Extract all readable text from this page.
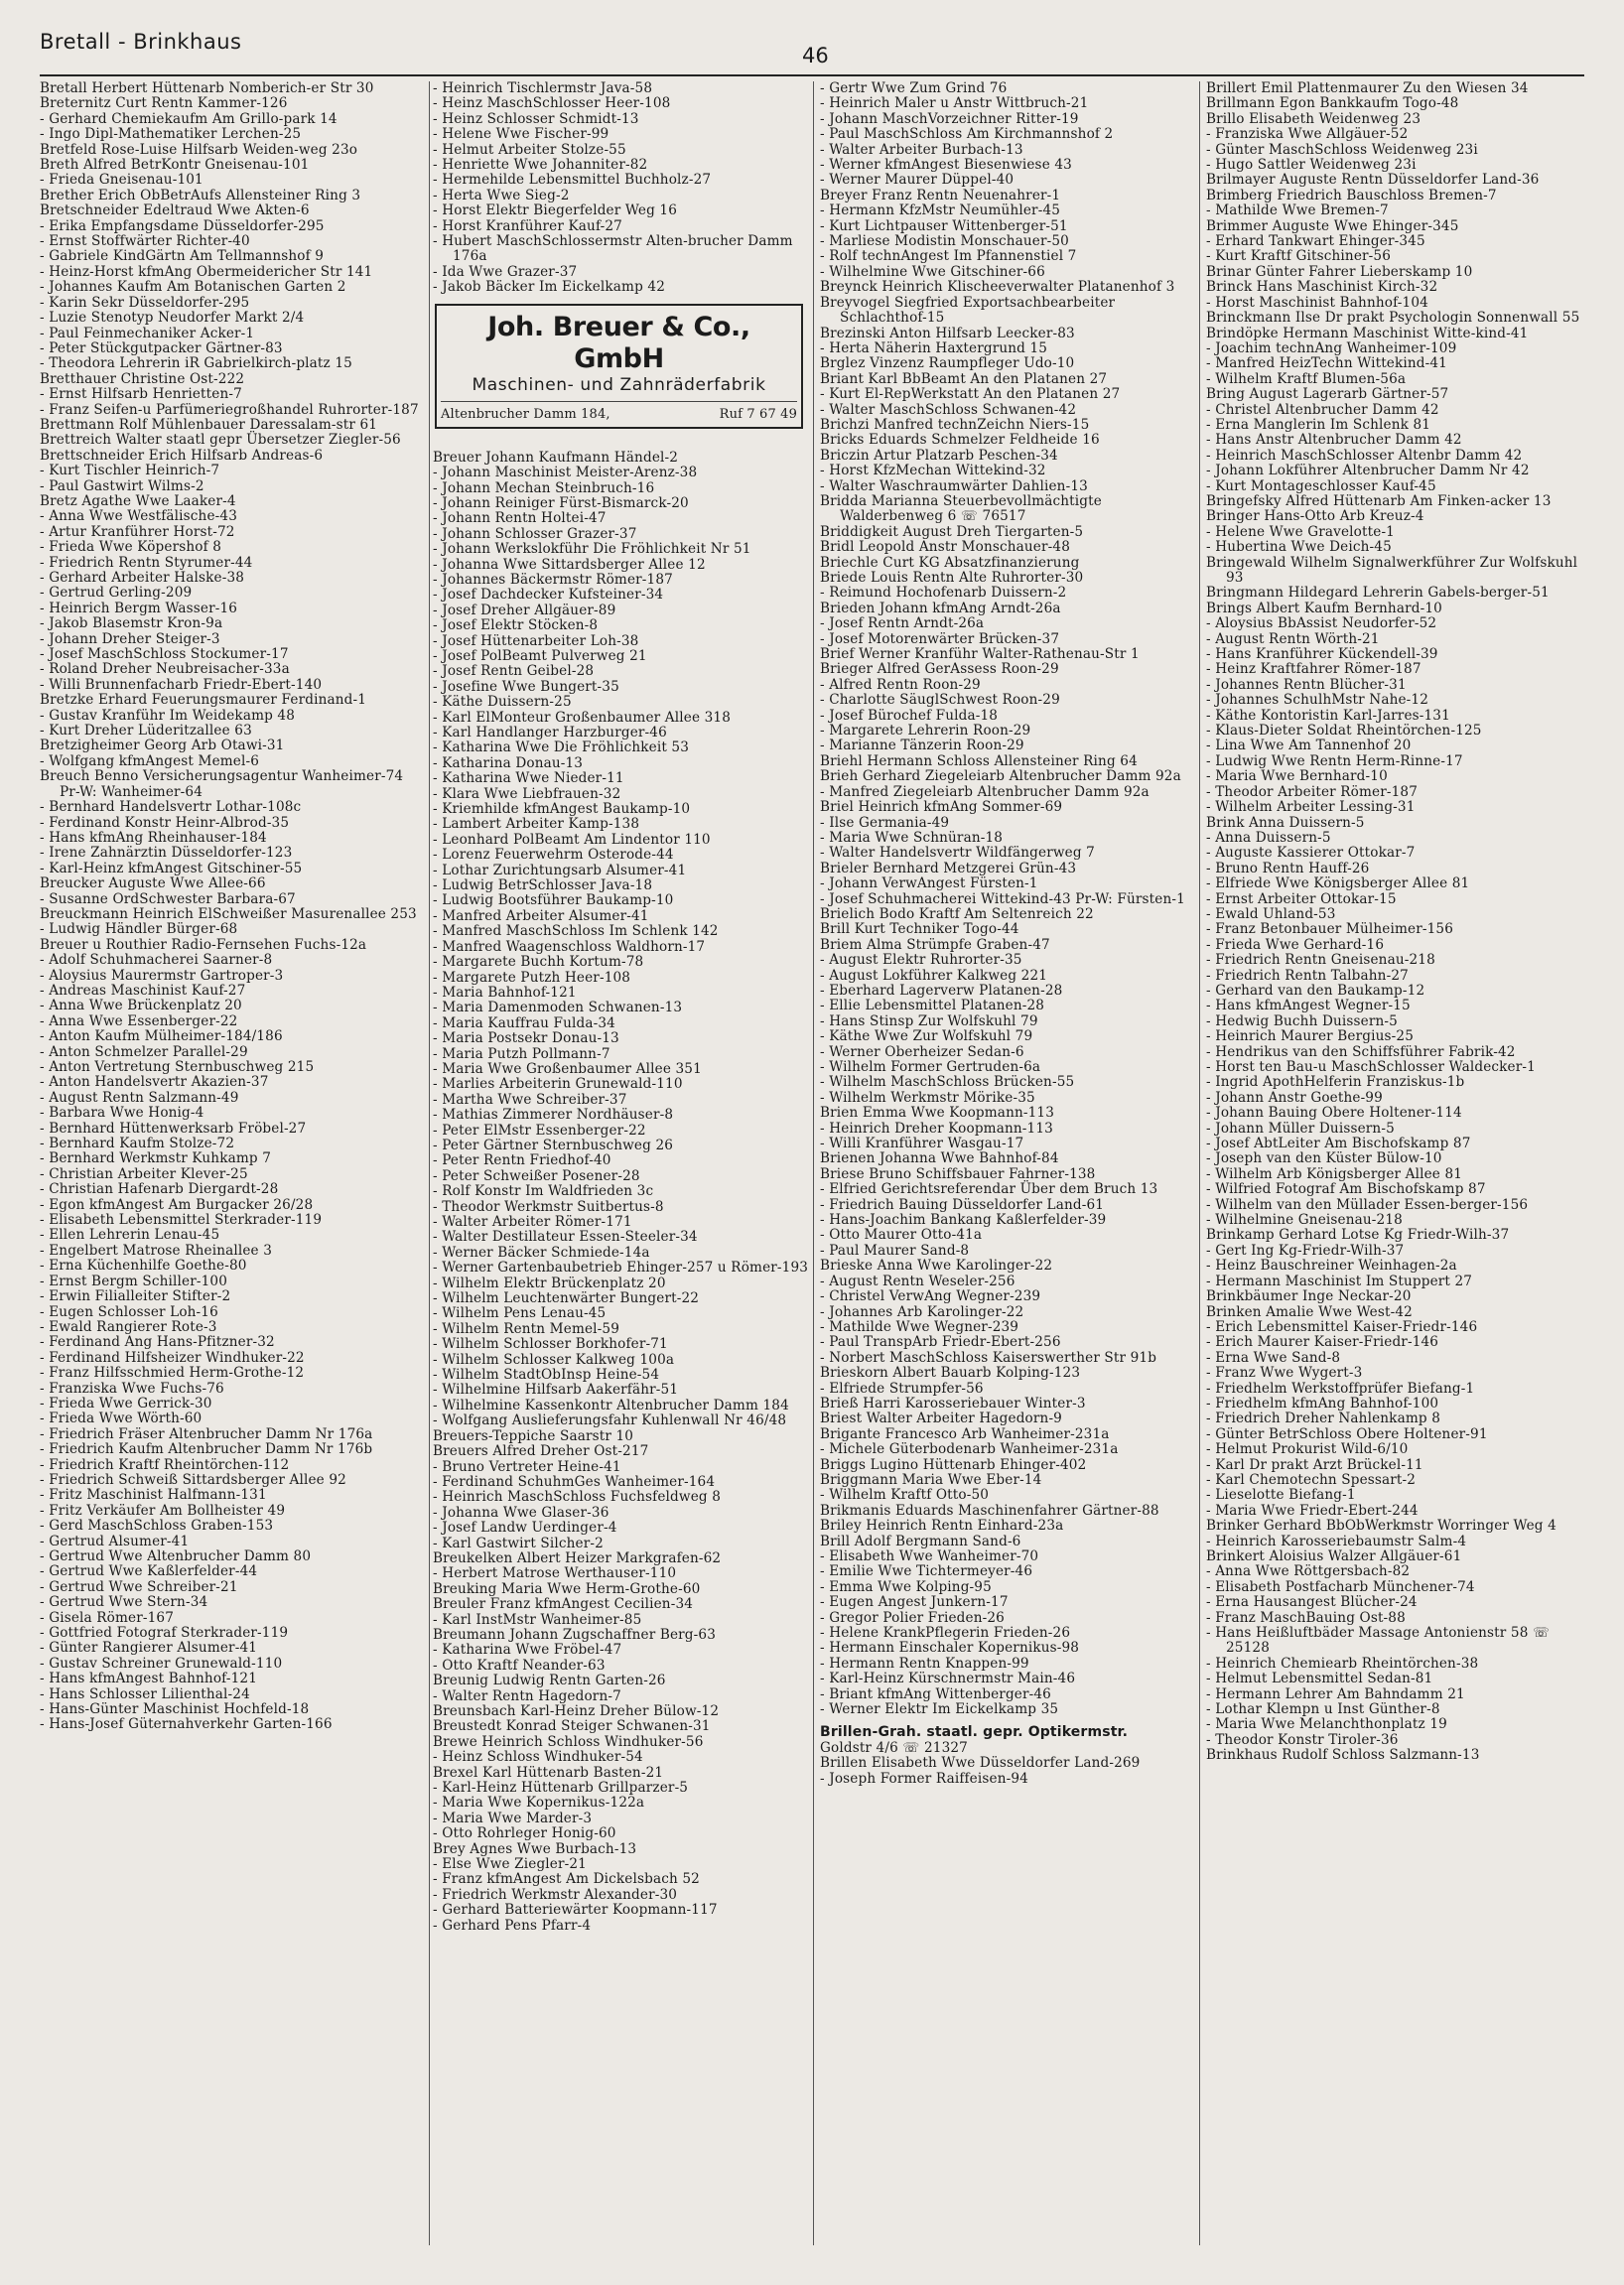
Bretall - Brinkhaus
46

Bretall Herbert Hüttenarb Nomberich-er Str 30

Breternitz Curt Rentn Kammer-126

- Gerhard Chemiekaufm Am Grillo-park 14

- Ingo Dipl-Mathematiker Lerchen-25

Bretfeld Rose-Luise Hilfsarb Weiden-weg 23o

Breth Alfred BetrKontr Gneisenau-101

- Frieda Gneisenau-101

Brether Erich ObBetrAufs Allensteiner Ring 3

Bretschneider Edeltraud Wwe Akten-6

- Erika Empfangsdame Düsseldorfer-295

- Ernst Stoffwärter Richter-40

- Gabriele KindGärtn Am Tellmannshof 9

- Heinz-Horst kfmAng Obermeidericher Str 141

- Johannes Kaufm Am Botanischen Garten 2

- Karin Sekr Düsseldorfer-295

- Luzie Stenotyp Neudorfer Markt 2/4

- Paul Feinmechaniker Acker-1

- Peter Stückgutpacker Gärtner-83

- Theodora Lehrerin iR Gabrielkirch-platz 15

Bretthauer Christine Ost-222

- Ernst Hilfsarb Henrietten-7

- Franz Seifen-u Parfümeriegroßhandel Ruhrorter-187

Brettmann Rolf Mühlenbauer Daressalam-str 61

Brettreich Walter staatl gepr Übersetzer Ziegler-56

Brettschneider Erich Hilfsarb Andreas-6

- Kurt Tischler Heinrich-7

- Paul Gastwirt Wilms-2

Bretz Agathe Wwe Laaker-4

- Anna Wwe Westfälische-43

- Artur Kranführer Horst-72

- Frieda Wwe Köpershof 8

- Friedrich Rentn Styrumer-44

- Gerhard Arbeiter Halske-38

- Gertrud Gerling-209

- Heinrich Bergm Wasser-16

- Jakob Blasemstr Kron-9a

- Johann Dreher Steiger-3

- Josef MaschSchloss Stockumer-17

- Roland Dreher Neubreisacher-33a

- Willi Brunnenfacharb Friedr-Ebert-140

Bretzke Erhard Feuerungsmaurer Ferdinand-1

- Gustav Kranführ Im Weidekamp 48

- Kurt Dreher Lüderitzallee 63

Bretzigheimer Georg Arb Otawi-31

- Wolfgang kfmAngest Memel-6

Breuch Benno Versicherungsagentur Wanheimer-74 Pr-W: Wanheimer-64

- Bernhard Handelsvertr Lothar-108c

- Ferdinand Konstr Heinr-Albrod-35

- Hans kfmAng Rheinhauser-184

- Irene Zahnärztin Düsseldorfer-123

- Karl-Heinz kfmAngest Gitschiner-55

Breucker Auguste Wwe Allee-66

- Susanne OrdSchwester Barbara-67

Breuckmann Heinrich ElSchweißer Masurenallee 253

- Ludwig Händler Bürger-68

Breuer u Routhier Radio-Fernsehen Fuchs-12a

- Adolf Schuhmacherei Saarner-8

- Aloysius Maurermstr Gartroper-3

- Andreas Maschinist Kauf-27

- Anna Wwe Brückenplatz 20

- Anna Wwe Essenberger-22

- Anton Kaufm Mülheimer-184/186

- Anton Schmelzer Parallel-29

- Anton Vertretung Sternbuschweg 215

- Anton Handelsvertr Akazien-37

- August Rentn Salzmann-49

- Barbara Wwe Honig-4

- Bernhard Hüttenwerksarb Fröbel-27

- Bernhard Kaufm Stolze-72

- Bernhard Werkmstr Kuhkamp 7

- Christian Arbeiter Klever-25

- Christian Hafenarb Diergardt-28

- Egon kfmAngest Am Burgacker 26/28

- Elisabeth Lebensmittel Sterkrader-119

- Ellen Lehrerin Lenau-45

- Engelbert Matrose Rheinallee 3

- Erna Küchenhilfe Goethe-80

- Ernst Bergm Schiller-100

- Erwin Filialleiter Stifter-2

- Eugen Schlosser Loh-16

- Ewald Rangierer Rote-3

- Ferdinand Ang Hans-Pfitzner-32

- Ferdinand Hilfsheizer Windhuker-22

- Franz Hilfsschmied Herm-Grothe-12

- Franziska Wwe Fuchs-76

- Frieda Wwe Gerrick-30

- Frieda Wwe Wörth-60

- Friedrich Fräser Altenbrucher Damm Nr 176a

- Friedrich Kaufm Altenbrucher Damm Nr 176b

- Friedrich Kraftf Rheintörchen-112

- Friedrich Schweiß Sittardsberger Allee 92

- Fritz Maschinist Halfmann-131

- Fritz Verkäufer Am Bollheister 49

- Gerd MaschSchloss Graben-153

- Gertrud Alsumer-41

- Gertrud Wwe Altenbrucher Damm 80

- Gertrud Wwe Kaßlerfelder-44

- Gertrud Wwe Schreiber-21

- Gertrud Wwe Stern-34

- Gisela Römer-167

- Gottfried Fotograf Sterkrader-119

- Günter Rangierer Alsumer-41

- Gustav Schreiner Grunewald-110

- Hans kfmAngest Bahnhof-121

- Hans Schlosser Lilienthal-24

- Hans-Günter Maschinist Hochfeld-18

- Hans-Josef Güternahverkehr Garten-166

- Heinrich Tischlermstr Java-58

- Heinz MaschSchlosser Heer-108

- Heinz Schlosser Schmidt-13

- Helene Wwe Fischer-99

- Helmut Arbeiter Stolze-55

- Henriette Wwe Johanniter-82

- Hermehilde Lebensmittel Buchholz-27

- Herta Wwe Sieg-2

- Horst Elektr Biegerfelder Weg 16

- Horst Kranführer Kauf-27

- Hubert MaschSchlossermstr Alten-brucher Damm 176a

- Ida Wwe Grazer-37

- Jakob Bäcker Im Eickelkamp 42

Joh. Breuer & Co., GmbH
Maschinen- und Zahnräderfabrik
Altenbrucher Damm 184,	Ruf 7 67 49

Breuer Johann Kaufmann Händel-2

- Johann Maschinist Meister-Arenz-38

- Johann Mechan Steinbruch-16

- Johann Reiniger Fürst-Bismarck-20

- Johann Rentn Holtei-47

- Johann Schlosser Grazer-37

- Johann Werkslokführ Die Fröhlichkeit Nr 51

- Johanna Wwe Sittardsberger Allee 12

- Johannes Bäckermstr Römer-187

- Josef Dachdecker Kufsteiner-34

- Josef Dreher Allgäuer-89

- Josef Elektr Stöcken-8

- Josef Hüttenarbeiter Loh-38

- Josef PolBeamt Pulverweg 21

- Josef Rentn Geibel-28

- Josefine Wwe Bungert-35

- Käthe Duissern-25

- Karl ElMonteur Großenbaumer Allee 318

- Karl Handlanger Harzburger-46

- Katharina Wwe Die Fröhlichkeit 53

- Katharina Donau-13

- Katharina Wwe Nieder-11

- Klara Wwe Liebfrauen-32

- Kriemhilde kfmAngest Baukamp-10

- Lambert Arbeiter Kamp-138

- Leonhard PolBeamt Am Lindentor 110

- Lorenz Feuerwehrm Osterode-44

- Lothar Zurichtungsarb Alsumer-41

- Ludwig BetrSchlosser Java-18

- Ludwig Bootsführer Baukamp-10

- Manfred Arbeiter Alsumer-41

- Manfred MaschSchloss Im Schlenk 142

- Manfred Waagenschloss Waldhorn-17

- Margarete Buchh Kortum-78

- Margarete Putzh Heer-108

- Maria Bahnhof-121

- Maria Damenmoden Schwanen-13

- Maria Kauffrau Fulda-34

- Maria Postsekr Donau-13

- Maria Putzh Pollmann-7

- Maria Wwe Großenbaumer Allee 351

- Marlies Arbeiterin Grunewald-110

- Martha Wwe Schreiber-37

- Mathias Zimmerer Nordhäuser-8

- Peter ElMstr Essenberger-22

- Peter Gärtner Sternbuschweg 26

- Peter Rentn Friedhof-40

- Peter Schweißer Posener-28

- Rolf Konstr Im Waldfrieden 3c

- Theodor Werkmstr Suitbertus-8

- Walter Arbeiter Römer-171

- Walter Destillateur Essen-Steeler-34

- Werner Bäcker Schmiede-14a

- Werner Gartenbaubetrieb Ehinger-257 u Römer-193

- Wilhelm Elektr Brückenplatz 20

- Wilhelm Leuchtenwärter Bungert-22

- Wilhelm Pens Lenau-45

- Wilhelm Rentn Memel-59

- Wilhelm Schlosser Borkhofer-71

- Wilhelm Schlosser Kalkweg 100a

- Wilhelm StadtObInsp Heine-54

- Wilhelmine Hilfsarb Aakerfähr-51

- Wilhelmine Kassenkontr Altenbrucher Damm 184

- Wolfgang Auslieferungsfahr Kuhlenwall Nr 46/48

Breuers-Teppiche Saarstr 10

Breuers Alfred Dreher Ost-217

- Bruno Vertreter Heine-41

- Ferdinand SchuhmGes Wanheimer-164

- Heinrich MaschSchloss Fuchsfeldweg 8

- Johanna Wwe Glaser-36

- Josef Landw Uerdinger-4

- Karl Gastwirt Silcher-2

Breukelken Albert Heizer Markgrafen-62

- Herbert Matrose Werthauser-110

Breuking Maria Wwe Herm-Grothe-60

Breuler Franz kfmAngest Cecilien-34

- Karl InstMstr Wanheimer-85

Breumann Johann Zugschaffner Berg-63

- Katharina Wwe Fröbel-47

- Otto Kraftf Neander-63

Breunig Ludwig Rentn Garten-26

- Walter Rentn Hagedorn-7

Breunsbach Karl-Heinz Dreher Bülow-12

Breustedt Konrad Steiger Schwanen-31

Brewe Heinrich Schloss Windhuker-56

- Heinz Schloss Windhuker-54

Brexel Karl Hüttenarb Basten-21

- Karl-Heinz Hüttenarb Grillparzer-5

- Maria Wwe Kopernikus-122a

- Maria Wwe Marder-3

- Otto Rohrleger Honig-60

Brey Agnes Wwe Burbach-13

- Else Wwe Ziegler-21

- Franz kfmAngest Am Dickelsbach 52

- Friedrich Werkmstr Alexander-30

- Gerhard Batteriewärter Koopmann-117

- Gerhard Pens Pfarr-4

- Gertr Wwe Zum Grind 76

- Heinrich Maler u Anstr Wittbruch-21

- Johann MaschVorzeichner Ritter-19

- Paul MaschSchloss Am Kirchmannshof 2

- Walter Arbeiter Burbach-13

- Werner kfmAngest Biesenwiese 43

- Werner Maurer Düppel-40

Breyer Franz Rentn Neuenahrer-1

- Hermann KfzMstr Neumühler-45

- Kurt Lichtpauser Wittenberger-51

- Marliese Modistin Monschauer-50

- Rolf technAngest Im Pfannenstiel 7

- Wilhelmine Wwe Gitschiner-66

Breynck Heinrich Klischeeverwalter Platanenhof 3

Breyvogel Siegfried Exportsachbearbeiter Schlachthof-15

Brezinski Anton Hilfsarb Leecker-83

- Herta Näherin Haxtergrund 15

Brglez Vinzenz Raumpfleger Udo-10

Briant Karl BbBeamt An den Platanen 27

- Kurt El-RepWerkstatt An den Platanen 27

- Walter MaschSchloss Schwanen-42

Brichzi Manfred technZeichn Niers-15

Bricks Eduards Schmelzer Feldheide 16

Briczin Artur Platzarb Peschen-34

- Horst KfzMechan Wittekind-32

- Walter Waschraumwärter Dahlien-13

Bridda Marianna Steuerbevollmächtigte Walderbenweg 6 ☏ 76517

Briddigkeit August Dreh Tiergarten-5

Bridl Leopold Anstr Monschauer-48

Briechle Curt KG Absatzfinanzierung

Briede Louis Rentn Alte Ruhrorter-30

- Reimund Hochofenarb Duissern-2

Brieden Johann kfmAng Arndt-26a

- Josef Rentn Arndt-26a

- Josef Motorenwärter Brücken-37

Brief Werner Kranführ Walter-Rathenau-Str 1

Brieger Alfred GerAssess Roon-29

- Alfred Rentn Roon-29

- Charlotte SäuglSchwest Roon-29

- Josef Bürochef Fulda-18

- Margarete Lehrerin Roon-29

- Marianne Tänzerin Roon-29

Briehl Hermann Schloss Allensteiner Ring 64

Brieh Gerhard Ziegeleiarb Altenbrucher Damm 92a

- Manfred Ziegeleiarb Altenbrucher Damm 92a

Briel Heinrich kfmAng Sommer-69

- Ilse Germania-49

- Maria Wwe Schnüran-18

- Walter Handelsvertr Wildfängerweg 7

Brieler Bernhard Metzgerei Grün-43

- Johann VerwAngest Fürsten-1

- Josef Schuhmacherei Wittekind-43 Pr-W: Fürsten-1

Brielich Bodo Kraftf Am Seltenreich 22

Brill Kurt Techniker Togo-44

Briem Alma Strümpfe Graben-47

- August Elektr Ruhrorter-35

- August Lokführer Kalkweg 221

- Eberhard Lagerverw Platanen-28

- Ellie Lebensmittel Platanen-28

- Hans Stinsp Zur Wolfskuhl 79

- Käthe Wwe Zur Wolfskuhl 79

- Werner Oberheizer Sedan-6

- Wilhelm Former Gertruden-6a

- Wilhelm MaschSchloss Brücken-55

- Wilhelm Werkmstr Mörike-35

Brien Emma Wwe Koopmann-113

- Heinrich Dreher Koopmann-113

- Willi Kranführer Wasgau-17

Brienen Johanna Wwe Bahnhof-84

Briese Bruno Schiffsbauer Fahrner-138

- Elfried Gerichtsreferendar Über dem Bruch 13

- Friedrich Bauing Düsseldorfer Land-61

- Hans-Joachim Bankang Kaßlerfelder-39

- Otto Maurer Otto-41a

- Paul Maurer Sand-8

Brieske Anna Wwe Karolinger-22

- August Rentn Weseler-256

- Christel VerwAng Wegner-239

- Johannes Arb Karolinger-22

- Mathilde Wwe Wegner-239

- Paul TranspArb Friedr-Ebert-256

- Norbert MaschSchloss Kaiserswerther Str 91b

Brieskorn Albert Bauarb Kolping-123

- Elfriede Strumpfer-56

Brieß Harri Karosseriebauer Winter-3

Briest Walter Arbeiter Hagedorn-9

Brigante Francesco Arb Wanheimer-231a

- Michele Güterbodenarb Wanheimer-231a

Briggs Lugino Hüttenarb Ehinger-402

Briggmann Maria Wwe Eber-14

- Wilhelm Kraftf Otto-50

Brikmanis Eduards Maschinenfahrer Gärtner-88

Briley Heinrich Rentn Einhard-23a

Brill Adolf Bergmann Sand-6

- Elisabeth Wwe Wanheimer-70

- Emilie Wwe Tichtermeyer-46

- Emma Wwe Kolping-95

- Eugen Angest Junkern-17

- Gregor Polier Frieden-26

- Helene KrankPflegerin Frieden-26

- Hermann Einschaler Kopernikus-98

- Hermann Rentn Knappen-99

- Karl-Heinz Kürschnermstr Main-46

- Briant kfmAng Wittenberger-46

- Werner Elektr Im Eickelkamp 35

Brillen-Grah. staatl. gepr. Optikermstr.

Goldstr 4/6 ☏ 21327

Brillen Elisabeth Wwe Düsseldorfer Land-269

- Joseph Former Raiffeisen-94

Brillert Emil Plattenmaurer Zu den Wiesen 34

Brillmann Egon Bankkaufm Togo-48

Brillo Elisabeth Weidenweg 23

- Franziska Wwe Allgäuer-52

- Günter MaschSchloss Weidenweg 23i

- Hugo Sattler Weidenweg 23i

Brilmayer Auguste Rentn Düsseldorfer Land-36

Brimberg Friedrich Bauschloss Bremen-7

- Mathilde Wwe Bremen-7

Brimmer Auguste Wwe Ehinger-345

- Erhard Tankwart Ehinger-345

- Kurt Kraftf Gitschiner-56

Brinar Günter Fahrer Lieberskamp 10

Brinck Hans Maschinist Kirch-32

- Horst Maschinist Bahnhof-104

Brinckmann Ilse Dr prakt Psychologin Sonnenwall 55

Brindöpke Hermann Maschinist Witte-kind-41

- Joachim technAng Wanheimer-109

- Manfred HeizTechn Wittekind-41

- Wilhelm Kraftf Blumen-56a

Bring August Lagerarb Gärtner-57

- Christel Altenbrucher Damm 42

- Erna Manglerin Im Schlenk 81

- Hans Anstr Altenbrucher Damm 42

- Heinrich MaschSchlosser Altenbr Damm 42

- Johann Lokführer Altenbrucher Damm Nr 42

- Kurt Montageschlosser Kauf-45

Bringefsky Alfred Hüttenarb Am Finken-acker 13

Bringer Hans-Otto Arb Kreuz-4

- Helene Wwe Gravelotte-1

- Hubertina Wwe Deich-45

Bringewald Wilhelm Signalwerkführer Zur Wolfskuhl 93

Bringmann Hildegard Lehrerin Gabels-berger-51

Brings Albert Kaufm Bernhard-10

- Aloysius BbAssist Neudorfer-52

- August Rentn Wörth-21

- Hans Kranführer Kückendell-39

- Heinz Kraftfahrer Römer-187

- Johannes Rentn Blücher-31

- Johannes SchulhMstr Nahe-12

- Käthe Kontoristin Karl-Jarres-131

- Klaus-Dieter Soldat Rheintörchen-125

- Lina Wwe Am Tannenhof 20

- Ludwig Wwe Rentn Herm-Rinne-17

- Maria Wwe Bernhard-10

- Theodor Arbeiter Römer-187

- Wilhelm Arbeiter Lessing-31

Brink Anna Duissern-5

- Anna Duissern-5

- Auguste Kassierer Ottokar-7

- Bruno Rentn Hauff-26

- Elfriede Wwe Königsberger Allee 81

- Ernst Arbeiter Ottokar-15

- Ewald Uhland-53

- Franz Betonbauer Mülheimer-156

- Frieda Wwe Gerhard-16

- Friedrich Rentn Gneisenau-218

- Friedrich Rentn Talbahn-27

- Gerhard van den Baukamp-12

- Hans kfmAngest Wegner-15

- Hedwig Buchh Duissern-5

- Heinrich Maurer Bergius-25

- Hendrikus van den Schiffsführer Fabrik-42

- Horst ten Bau-u MaschSchlosser Waldecker-1

- Ingrid ApothHelferin Franziskus-1b

- Johann Anstr Goethe-99

- Johann Bauing Obere Holtener-114

- Johann Müller Duissern-5

- Josef AbtLeiter Am Bischofskamp 87

- Joseph van den Küster Bülow-10

- Wilhelm Arb Königsberger Allee 81

- Wilfried Fotograf Am Bischofskamp 87

- Wilhelm van den Müllader Essen-berger-156

- Wilhelmine Gneisenau-218

Brinkamp Gerhard Lotse Kg Friedr-Wilh-37

- Gert Ing Kg-Friedr-Wilh-37

- Heinz Bauschreiner Weinhagen-2a

- Hermann Maschinist Im Stuppert 27

Brinkbäumer Inge Neckar-20

Brinken Amalie Wwe West-42

- Erich Lebensmittel Kaiser-Friedr-146

- Erich Maurer Kaiser-Friedr-146

- Erna Wwe Sand-8

- Franz Wwe Wygert-3

- Friedhelm Werkstoffprüfer Biefang-1

- Friedhelm kfmAng Bahnhof-100

- Friedrich Dreher Nahlenkamp 8

- Günter BetrSchloss Obere Holtener-91

- Helmut Prokurist Wild-6/10

- Karl Dr prakt Arzt Brückel-11

- Karl Chemotechn Spessart-2

- Lieselotte Biefang-1

- Maria Wwe Friedr-Ebert-244

Brinker Gerhard BbObWerkmstr Worringer Weg 4

- Heinrich Karosseriebaumstr Salm-4

Brinkert Aloisius Walzer Allgäuer-61

- Anna Wwe Röttgersbach-82

- Elisabeth Postfacharb Münchener-74

- Erna Hausangest Blücher-24

- Franz MaschBauing Ost-88

- Hans Heißluftbäder Massage Antonienstr 58 ☏ 25128

- Heinrich Chemiearb Rheintörchen-38

- Helmut Lebensmittel Sedan-81

- Hermann Lehrer Am Bahndamm 21

- Lothar Klempn u Inst Günther-8

- Maria Wwe Melanchthonplatz 19

- Theodor Konstr Tiroler-36

Brinkhaus Rudolf Schloss Salzmann-13
